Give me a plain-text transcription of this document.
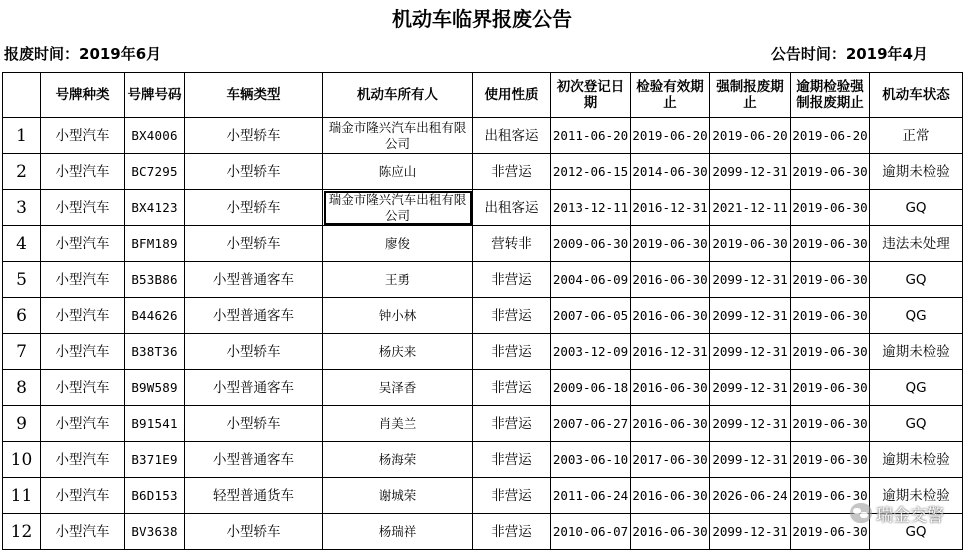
机动车临界报废公告
报废时间：2019年6月	公告时间：2019年4月
	号牌种类	号牌号码	车辆类型	机动车所有人	使用性质	初次登记日期	检验有效期止	强制报废期止	逾期检验强制报废期止	机动车状态
1	小型汽车	BX4006	小型轿车	瑞金市隆兴汽车出租有限公司	出租客运	2011-06-20	2019-06-20	2019-06-20	2019-06-20	正常
2	小型汽车	BC7295	小型轿车	陈应山	非营运	2012-06-15	2014-06-30	2099-12-31	2019-06-30	逾期未检验
3	小型汽车	BX4123	小型轿车	瑞金市隆兴汽车出租有限公司	出租客运	2013-12-11	2016-12-31	2021-12-11	2019-06-30	GQ
4	小型汽车	BFM189	小型轿车	廖俊	营转非	2009-06-30	2019-06-30	2019-06-30	2019-06-30	违法未处理
5	小型汽车	B53B86	小型普通客车	王勇	非营运	2004-06-09	2016-06-30	2099-12-31	2019-06-30	GQ
6	小型汽车	B44626	小型普通客车	钟小林	非营运	2007-06-05	2016-06-30	2099-12-31	2019-06-30	QG
7	小型汽车	B38T36	小型轿车	杨庆来	非营运	2003-12-09	2016-12-31	2099-12-31	2019-06-30	逾期未检验
8	小型汽车	B9W589	小型普通客车	吴泽香	非营运	2009-06-18	2016-06-30	2099-12-31	2019-06-30	QG
9	小型汽车	B91541	小型轿车	肖美兰	非营运	2007-06-27	2016-06-30	2099-12-31	2019-06-30	GQ
10	小型汽车	B371E9	小型普通客车	杨海荣	非营运	2003-06-10	2017-06-30	2099-12-31	2019-06-30	逾期未检验
11	小型汽车	B6D153	轻型普通货车	谢城荣	非营运	2011-06-24	2016-06-30	2026-06-24	2019-06-30	逾期未检验
12	小型汽车	BV3638	小型轿车	杨瑞祥	非营运	2010-06-07	2016-06-30	2099-12-31	2019-06-30	GQ
瑞金交警
